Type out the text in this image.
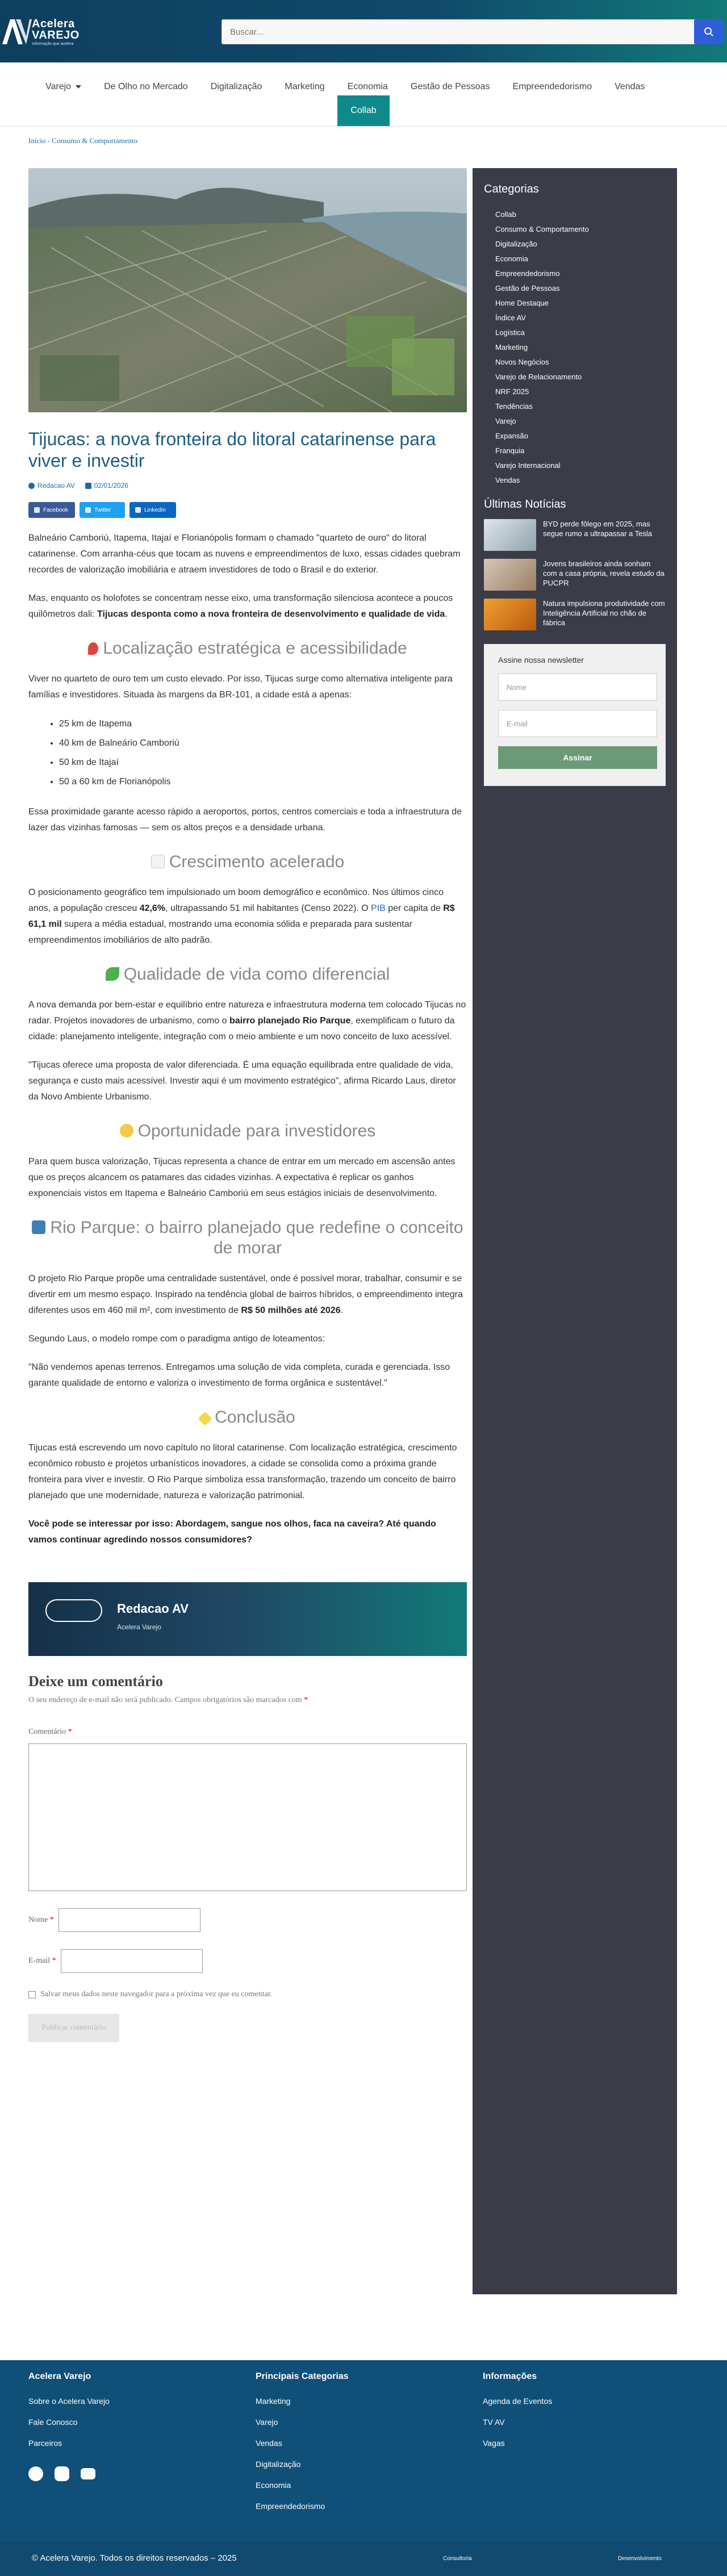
Acelera
VAREJO
Informação que acelera
Buscar...
Varejo	De Olho no Mercado	Digitalização	Marketing	Economia	Gestão de Pessoas	Empreendedorismo	Vendas
Collab
Início - Consumo & Comportamento
Tijucas: a nova fronteira do litoral catarinense para viver e investir
Redacao AV	02/01/2026
Facebook	Twitter	LinkedIn

Balneário Camboriú, Itapema, Itajaí e Florianópolis formam o chamado "quarteto de ouro" do litoral catarinense. Com arranha-céus que tocam as nuvens e empreendimentos de luxo, essas cidades quebram recordes de valorização imobiliária e atraem investidores de todo o Brasil e do exterior.

Mas, enquanto os holofotes se concentram nesse eixo, uma transformação silenciosa acontece a poucos quilômetros dali: Tijucas desponta como a nova fronteira de desenvolvimento e qualidade de vida.

Localização estratégica e acessibilidade

Viver no quarteto de ouro tem um custo elevado. Por isso, Tijucas surge como alternativa inteligente para famílias e investidores. Situada às margens da BR-101, a cidade está a apenas:

• 25 km de Itapema
• 40 km de Balneário Camboriú
• 50 km de Itajaí
• 50 a 60 km de Florianópolis

Essa proximidade garante acesso rápido a aeroportos, portos, centros comerciais e toda a infraestrutura de lazer das vizinhas famosas — sem os altos preços e a densidade urbana.

Crescimento acelerado

O posicionamento geográfico tem impulsionado um boom demográfico e econômico. Nos últimos cinco anos, a população cresceu 42,6%, ultrapassando 51 mil habitantes (Censo 2022). O PIB per capita de R$ 61,1 mil supera a média estadual, mostrando uma economia sólida e preparada para sustentar empreendimentos imobiliários de alto padrão.

Qualidade de vida como diferencial

A nova demanda por bem-estar e equilíbrio entre natureza e infraestrutura moderna tem colocado Tijucas no radar. Projetos inovadores de urbanismo, como o bairro planejado Rio Parque, exemplificam o futuro da cidade: planejamento inteligente, integração com o meio ambiente e um novo conceito de luxo acessível.

"Tijucas oferece uma proposta de valor diferenciada. É uma equação equilibrada entre qualidade de vida, segurança e custo mais acessível. Investir aqui é um movimento estratégico", afirma Ricardo Laus, diretor da Novo Ambiente Urbanismo.

Oportunidade para investidores

Para quem busca valorização, Tijucas representa a chance de entrar em um mercado em ascensão antes que os preços alcancem os patamares das cidades vizinhas. A expectativa é replicar os ganhos exponenciais vistos em Itapema e Balneário Camboriú em seus estágios iniciais de desenvolvimento.

Rio Parque: o bairro planejado que redefine o conceito de morar

O projeto Rio Parque propõe uma centralidade sustentável, onde é possível morar, trabalhar, consumir e se divertir em um mesmo espaço. Inspirado na tendência global de bairros híbridos, o empreendimento integra diferentes usos em 460 mil m², com investimento de R$ 50 milhões até 2026.

Segundo Laus, o modelo rompe com o paradigma antigo de loteamentos:

"Não vendemos apenas terrenos. Entregamos uma solução de vida completa, curada e gerenciada. Isso garante qualidade de entorno e valoriza o investimento de forma orgânica e sustentável."

Conclusão

Tijucas está escrevendo um novo capítulo no litoral catarinense. Com localização estratégica, crescimento econômico robusto e projetos urbanísticos inovadores, a cidade se consolida como a próxima grande fronteira para viver e investir. O Rio Parque simboliza essa transformação, trazendo um conceito de bairro planejado que une modernidade, natureza e valorização patrimonial.

Você pode se interessar por isso: Abordagem, sangue nos olhos, faca na caveira? Até quando vamos continuar agredindo nossos consumidores?

Redacao AV
Acelera Varejo
Deixe um comentário

O seu endereço de e-mail não será publicado. Campos obrigatórios são marcados com *

Comentário *
Nome *
E-mail *
Salvar meus dados neste navegador para a próxima vez que eu comentar.
Publicar comentário
Categorias
Collab
Consumo & Comportamento
Digitalização
Economia
Empreendedorismo
Gestão de Pessoas
Home Destaque
Índice AV
Logística
Marketing
Novos Negócios
Varejo de Relacionamento
NRF 2025
Tendências
Varejo
Expansão
Franquia
Varejo Internacional
Vendas
Últimas Notícias
BYD perde fôlego em 2025, mas segue rumo a ultrapassar a Tesla
Jovens brasileiros ainda sonham com a casa própria, revela estudo da PUCPR
Natura impulsiona produtividade com Inteligência Artificial no chão de fábrica
Assine nossa newsletter
Nome
E-mail
Assinar
Acelera Varejo
Sobre o Acelera Varejo
Fale Conosco
Parceiros
Principais Categorias
Marketing
Varejo
Vendas
Digitalização
Economia
Empreendedorismo
Informações
Agenda de Eventos
TV AV
Vagas
© Acelera Varejo. Todos os direitos reservados – 2025	Consultoria	Desenvolvimento
